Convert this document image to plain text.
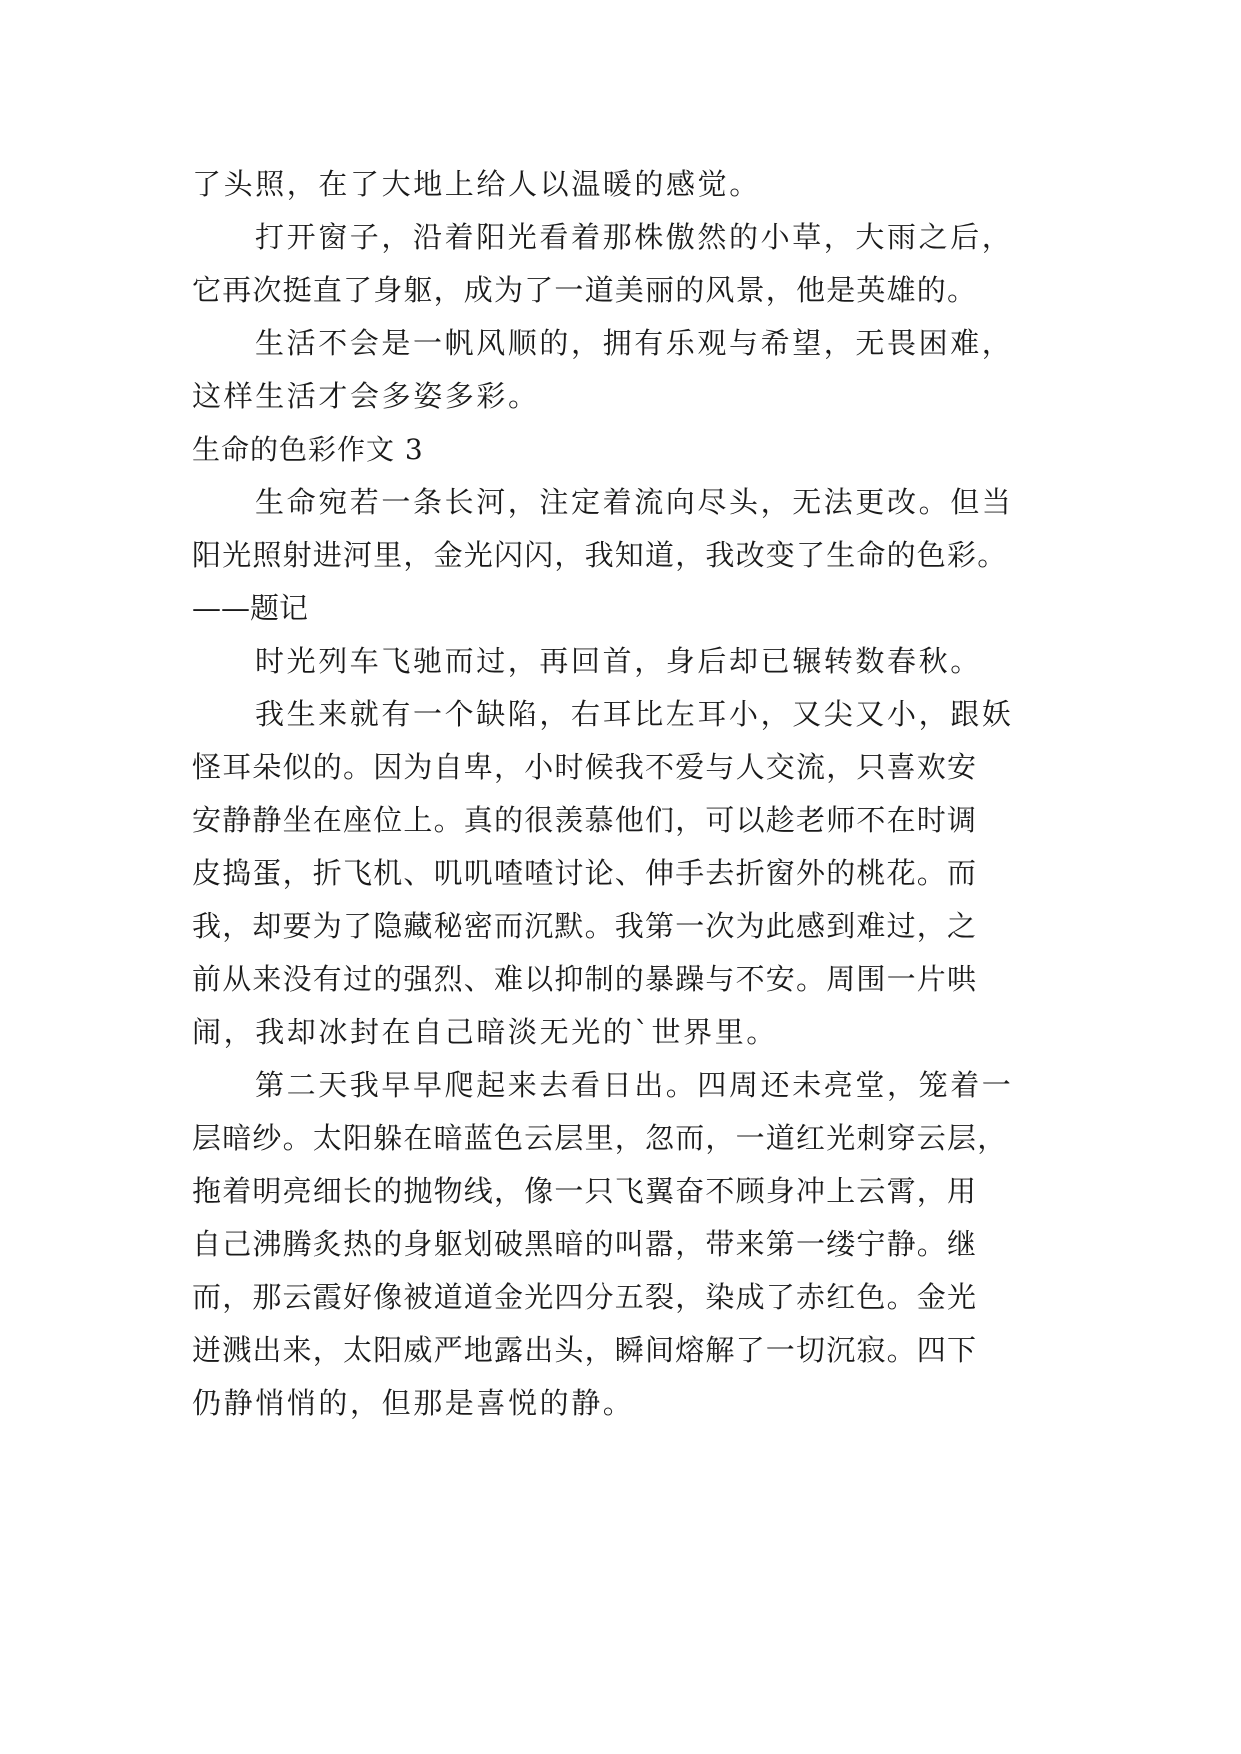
了头照，在了大地上给人以温暖的感觉。
打开窗子，沿着阳光看着那株傲然的小草，大雨之后，
它再次挺直了身躯，成为了一道美丽的风景，他是英雄的。
生活不会是一帆风顺的，拥有乐观与希望，无畏困难，
这样生活才会多姿多彩。
生命的色彩作文 3
生命宛若一条长河，注定着流向尽头，无法更改。但当
阳光照射进河里，金光闪闪，我知道，我改变了生命的色彩。
——题记
时光列车飞驰而过，再回首，身后却已辗转数春秋。
我生来就有一个缺陷，右耳比左耳小，又尖又小，跟妖
怪耳朵似的。因为自卑，小时候我不爱与人交流，只喜欢安
安静静坐在座位上。真的很羡慕他们，可以趁老师不在时调
皮捣蛋，折飞机、叽叽喳喳讨论、伸手去折窗外的桃花。而
我，却要为了隐藏秘密而沉默。我第一次为此感到难过，之
前从来没有过的强烈、难以抑制的暴躁与不安。周围一片哄
闹，我却冰封在自己暗淡无光的`世界里。
第二天我早早爬起来去看日出。四周还未亮堂，笼着一
层暗纱。太阳躲在暗蓝色云层里，忽而，一道红光刺穿云层，
拖着明亮细长的抛物线，像一只飞翼奋不顾身冲上云霄，用
自己沸腾炙热的身躯划破黑暗的叫嚣，带来第一缕宁静。继
而，那云霞好像被道道金光四分五裂，染成了赤红色。金光
迸溅出来，太阳威严地露出头，瞬间熔解了一切沉寂。四下
仍静悄悄的，但那是喜悦的静。
